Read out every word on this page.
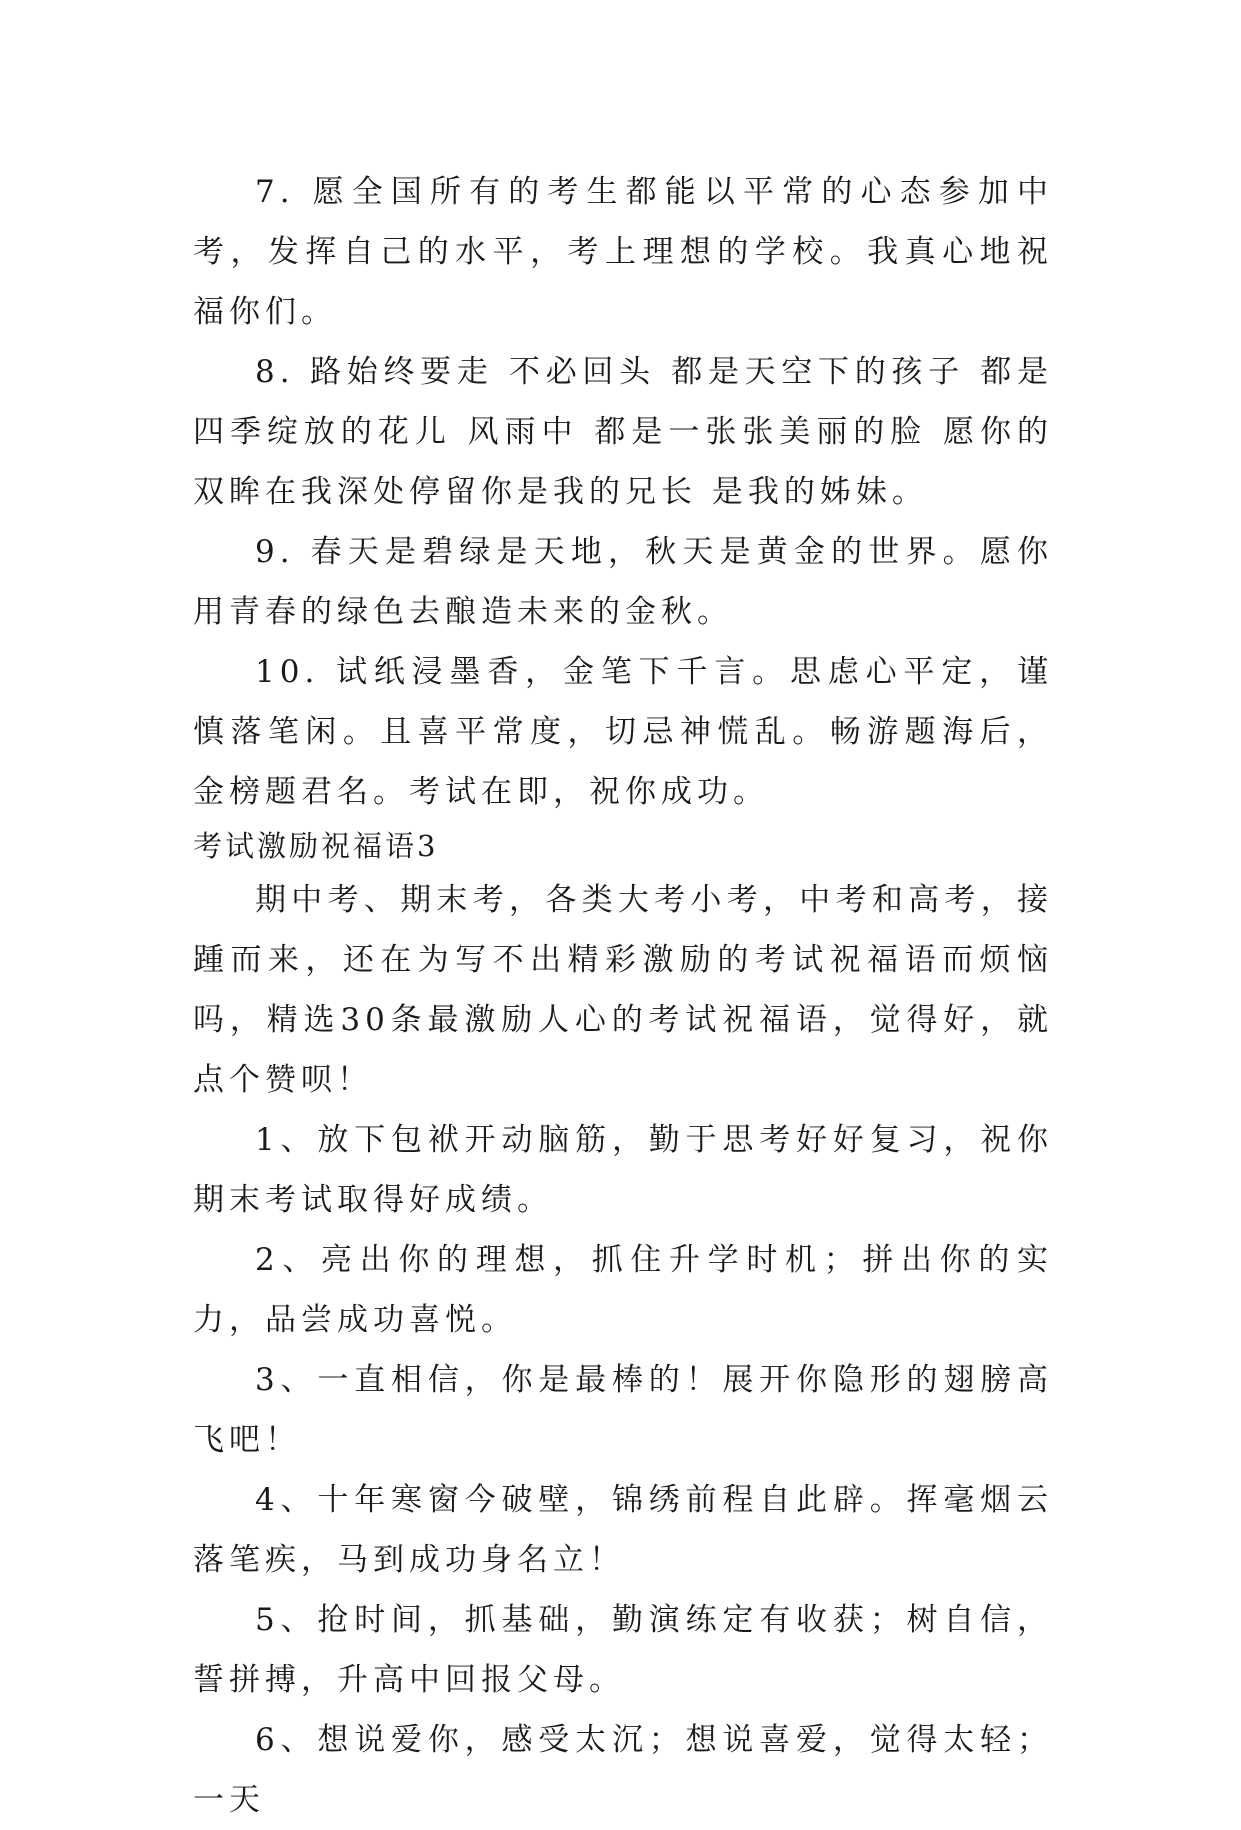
7. 愿全国所有的考生都能以平常的心态参加中考，发挥自己的水平，考上理想的学校。我真心地祝福你们。

8. 路始终要走 不必回头 都是天空下的孩子 都是四季绽放的花儿 风雨中 都是一张张美丽的脸 愿你的双眸在我深处停留你是我的兄长 是我的姊妹。

9. 春天是碧绿是天地，秋天是黄金的世界。愿你用青春的绿色去酿造未来的金秋。

10. 试纸浸墨香，金笔下千言。思虑心平定，谨慎落笔闲。且喜平常度，切忌神慌乱。畅游题海后，金榜题君名。考试在即，祝你成功。

考试激励祝福语3

期中考、期末考，各类大考小考，中考和高考，接踵而来，还在为写不出精彩激励的考试祝福语而烦恼吗，精选30条最激励人心的考试祝福语，觉得好，就点个赞呗！

1、放下包袱开动脑筋，勤于思考好好复习，祝你期末考试取得好成绩。

2、亮出你的理想，抓住升学时机；拼出你的实力，品尝成功喜悦。

3、一直相信，你是最棒的！展开你隐形的翅膀高飞吧！

4、十年寒窗今破壁，锦绣前程自此辟。挥毫烟云落笔疾，马到成功身名立！

5、抢时间，抓基础，勤演练定有收获；树自信，誓拼搏，升高中回报父母。

6、想说爱你，感受太沉；想说喜爱，觉得太轻；一天
